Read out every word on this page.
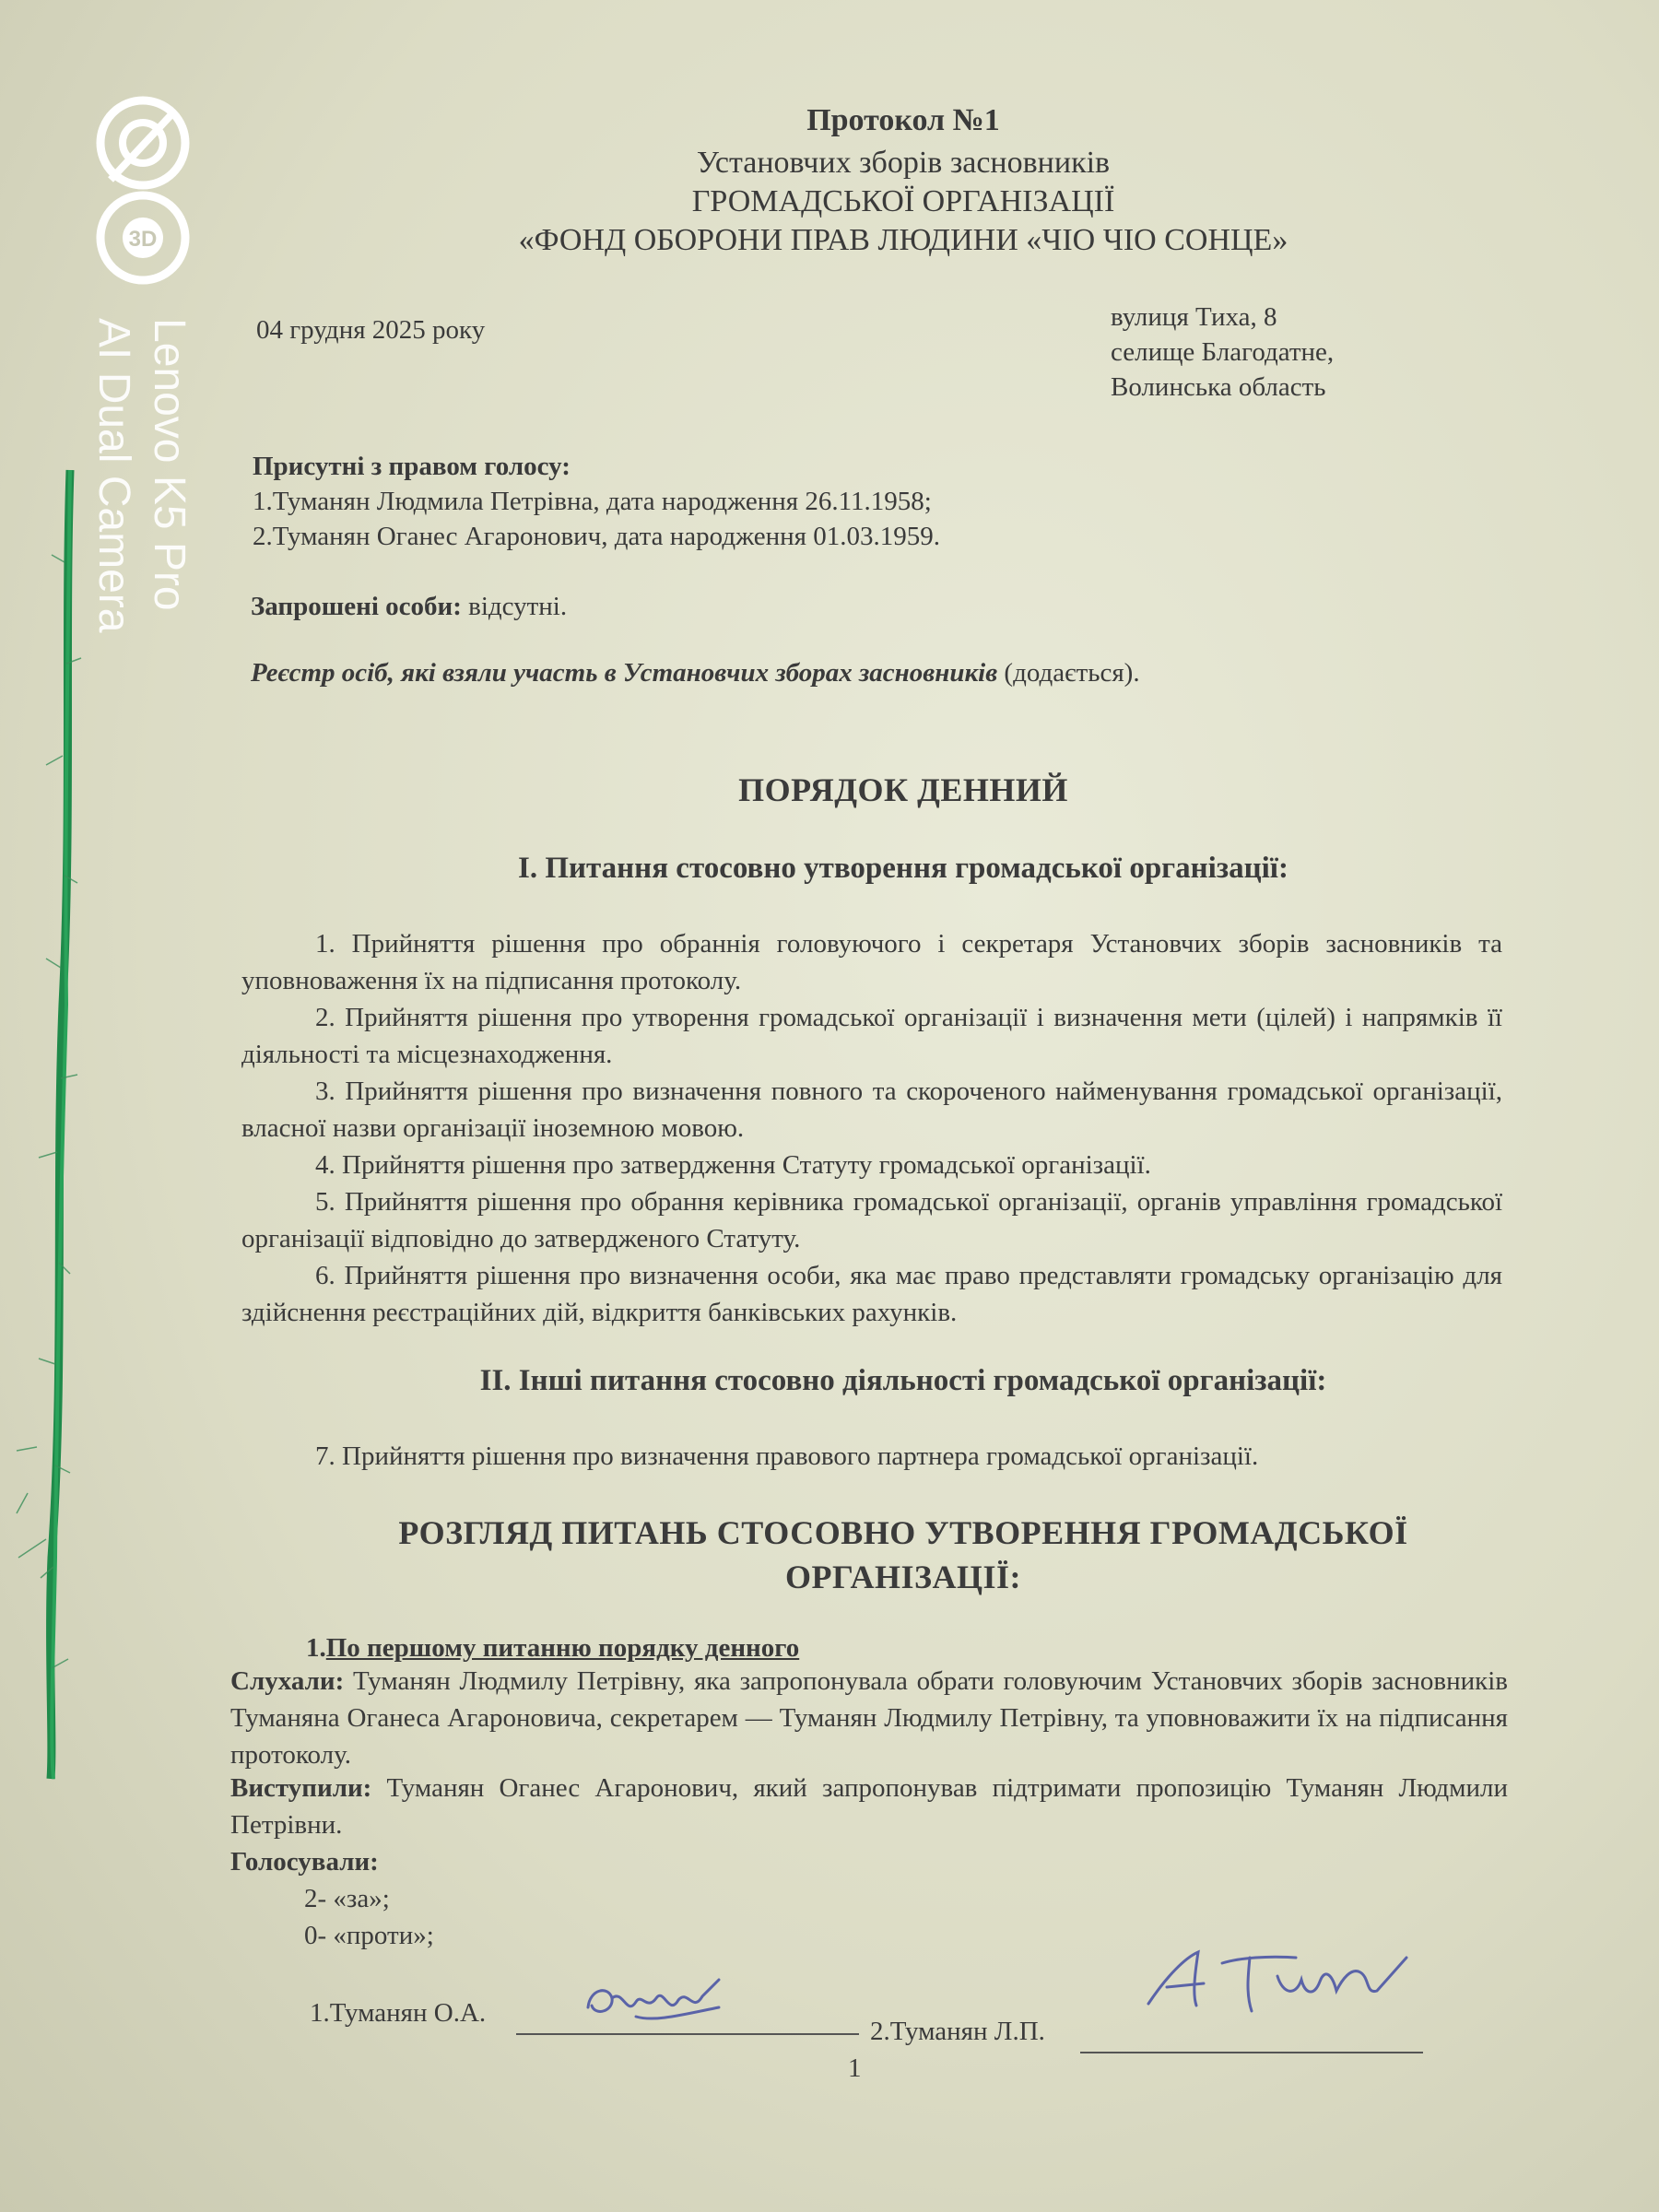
3D
Lenovo K5 Pro
AI Dual Camera
Протокол №1
Установчих зборів засновників
ГРОМАДСЬКОЇ ОРГАНІЗАЦІЇ
«ФОНД ОБОРОНИ ПРАВ ЛЮДИНИ «ЧІО ЧІО СОНЦЕ»
04 грудня 2025 року	вулиця Тиха, 8
селище Благодатне,
Волинська область
Присутні з правом голосу:
1.Туманян Людмила Петрівна, дата народження 26.11.1958;
2.Туманян Оганес Агаронович, дата народження 01.03.1959.
Запрошені особи: відсутні.
Реєстр осіб, які взяли участь в Установчих зборах засновників (додається).
ПОРЯДОК ДЕННИЙ
I. Питання стосовно утворення громадської організації:
1. Прийняття рішення про обраннія головуючого і секретаря Установчих зборів засновників та уповноваження їх на підписання протоколу.
2. Прийняття рішення про утворення громадської організації і визначення мети (цілей) і напрямків її діяльності та місцезнаходження.
3. Прийняття рішення про визначення повного та скороченого найменування громадської організації, власної назви організації іноземною мовою.
4. Прийняття рішення про затвердження Статуту громадської організації.
5. Прийняття рішення про обрання керівника громадської організації, органів управління громадської організації відповідно до затвердженого Статуту.
6. Прийняття рішення про визначення особи, яка має право представляти громадську організацію для здійснення реєстраційних дій, відкриття банківських рахунків.
II. Інші питання стосовно діяльності громадської організації:
7. Прийняття рішення про визначення правового партнера громадської організації.
РОЗГЛЯД ПИТАНЬ СТОСОВНО УТВОРЕННЯ ГРОМАДСЬКОЇ
ОРГАНІЗАЦІЇ:
1.По першому питанню порядку денного
Слухали: Туманян Людмилу Петрівну, яка запропонувала обрати головуючим Установчих зборів засновників Туманяна Оганеса Агароновича, секретарем — Туманян Людмилу Петрівну, та уповноважити їх на підписання протоколу.
Виступили: Туманян Оганес Агаронович, який запропонував підтримати пропозицію Туманян Людмили Петрівни.
Голосували:
2- «за»;
0- «проти»;
1.Туманян О.А.
2.Туманян Л.П.
1
